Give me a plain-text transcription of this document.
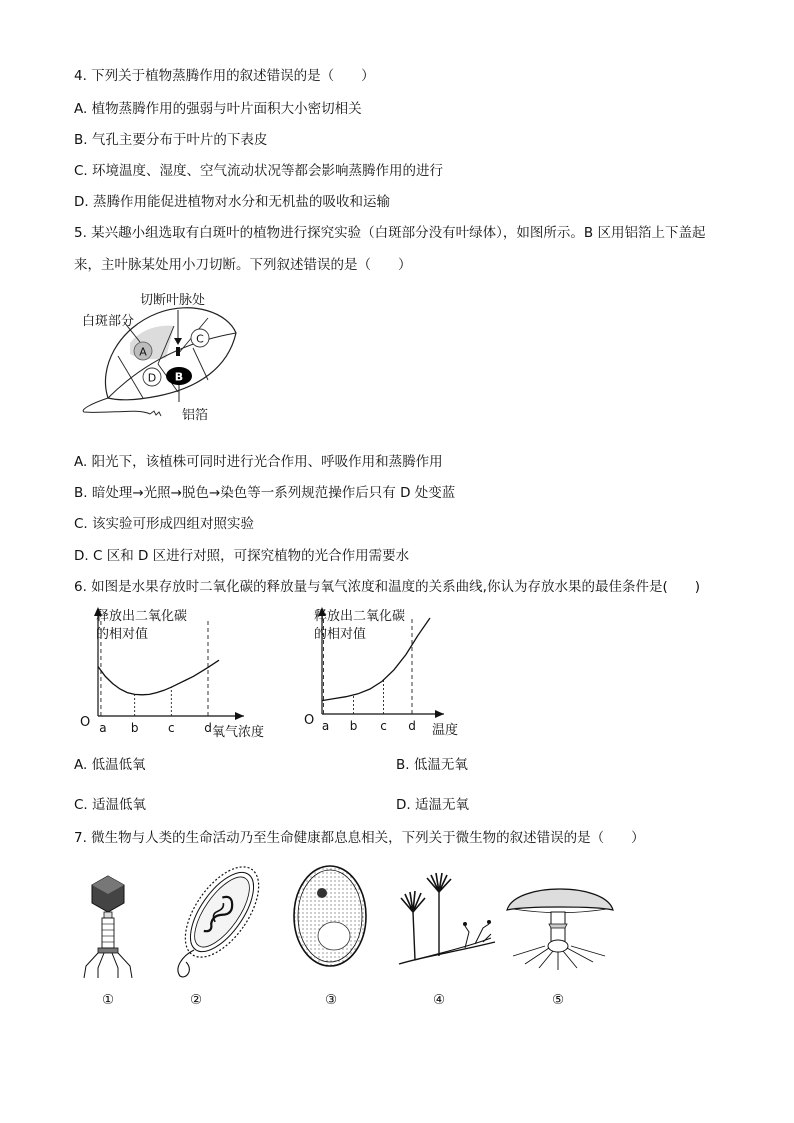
4. 下列关于植物蒸腾作用的叙述错误的是（　　）
A. 植物蒸腾作用的强弱与叶片面积大小密切相关
B. 气孔主要分布于叶片的下表皮
C. 环境温度、湿度、空气流动状况等都会影响蒸腾作用的进行
D. 蒸腾作用能促进植物对水分和无机盐的吸收和运输
5. 某兴趣小组选取有白斑叶的植物进行探究实验（白斑部分没有叶绿体），如图所示。B 区用铝箔上下盖起
来，主叶脉某处用小刀切断。下列叙述错误的是（　　）
A
C
D B
切断叶脉处
白斑部分
铝箔
A. 阳光下，该植株可同时进行光合作用、呼吸作用和蒸腾作用
B. 暗处理→光照→脱色→染色等一系列规范操作后只有 D 处变蓝
C. 该实验可形成四组对照实验
D. C 区和 D 区进行对照，可探究植物的光合作用需要水
6. 如图是水果存放时二氧化碳的释放量与氧气浓度和温度的关系曲线,你认为存放水果的最佳条件是(　　)
释放出二氧化碳
的相对值
氧气浓度
O a b c d
释放出二氧化碳
的相对值
温度
O a b c d
A. 低温低氧	B. 低温无氧
C. 适温低氧	D. 适温无氧
7. 微生物与人类的生命活动乃至生命健康都息息相关，下列关于微生物的叙述错误的是（　　）
①	②	③	④	⑤
